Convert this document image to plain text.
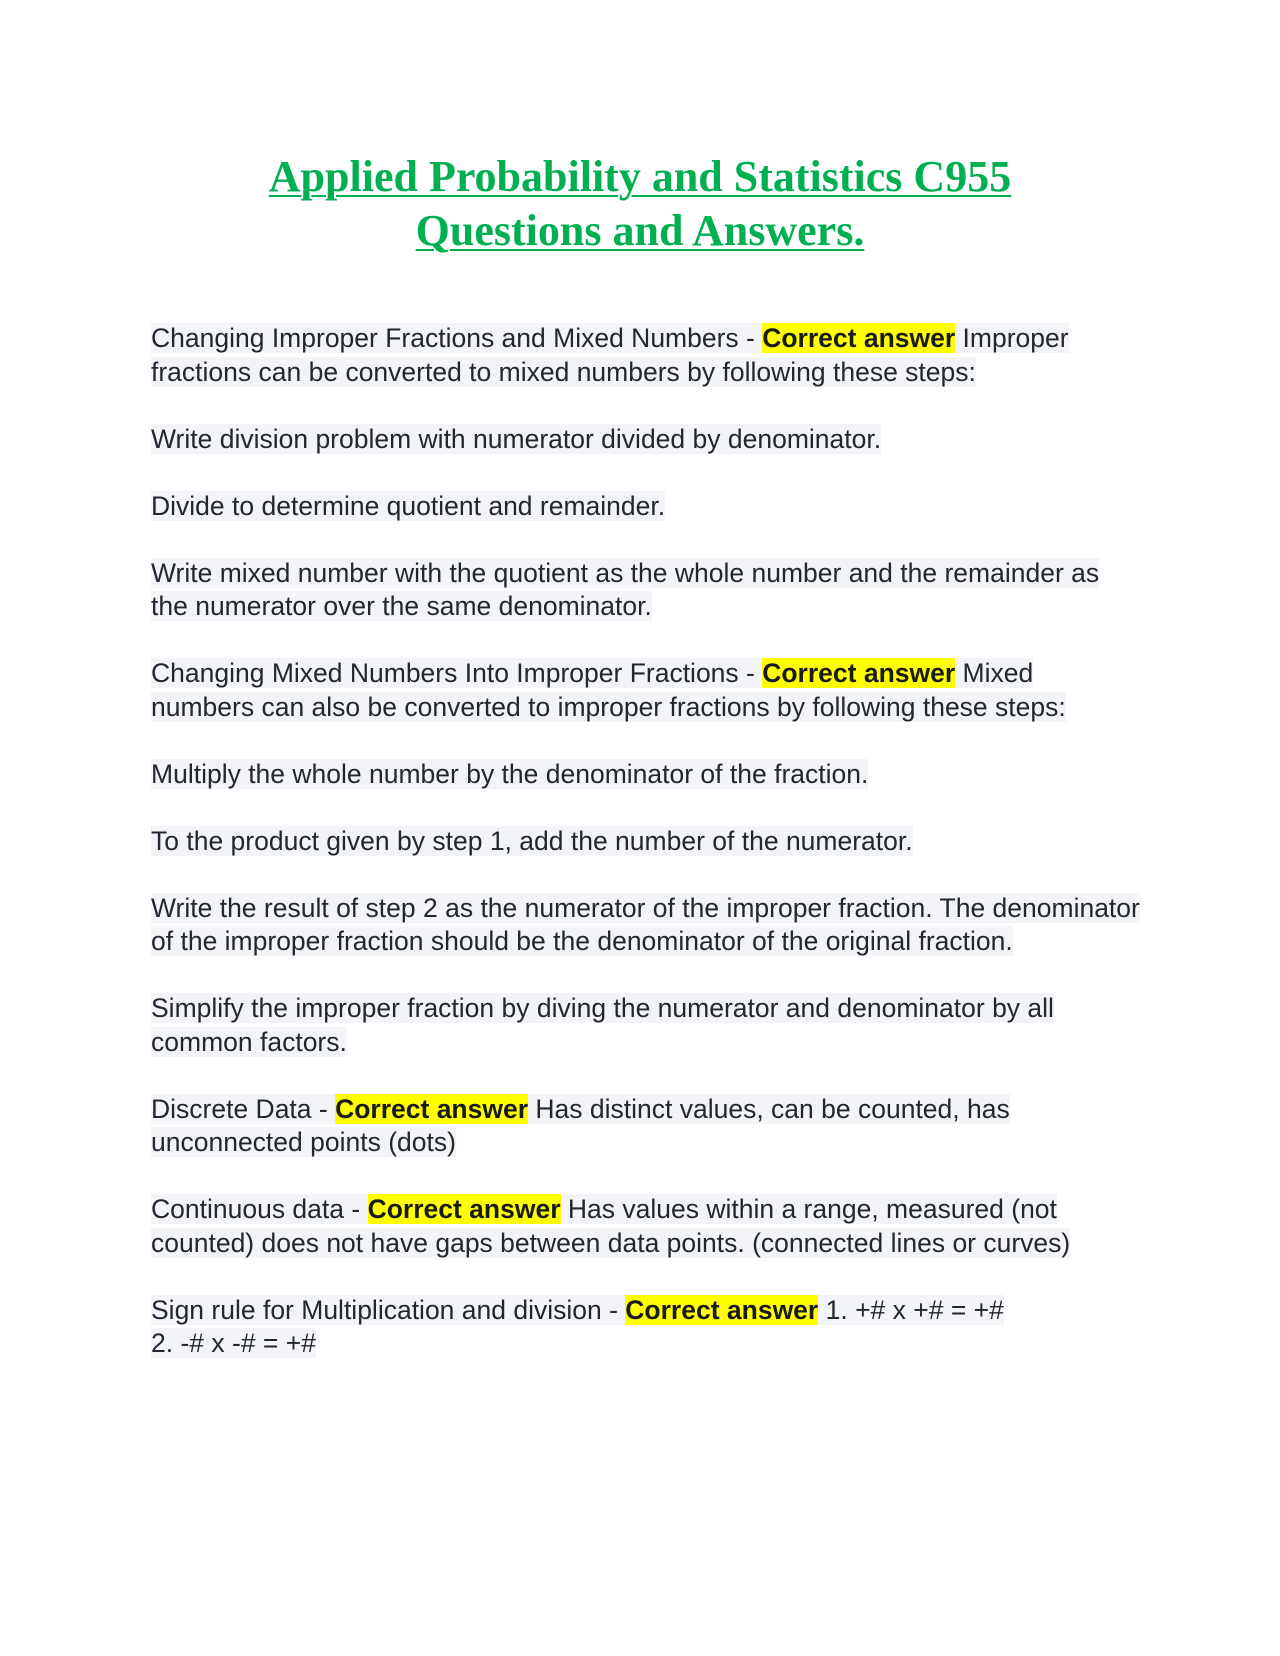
Applied Probability and Statistics C955
Questions and Answers.

Changing Improper Fractions and Mixed Numbers - Correct answer Improper fractions can be converted to mixed numbers by following these steps:

Write division problem with numerator divided by denominator.

Divide to determine quotient and remainder.

Write mixed number with the quotient as the whole number and the remainder as the numerator over the same denominator.

Changing Mixed Numbers Into Improper Fractions - Correct answer Mixed numbers can also be converted to improper fractions by following these steps:

Multiply the whole number by the denominator of the fraction.

To the product given by step 1, add the number of the numerator.

Write the result of step 2 as the numerator of the improper fraction. The denominator of the improper fraction should be the denominator of the original fraction.

Simplify the improper fraction by diving the numerator and denominator by all common factors.

Discrete Data - Correct answer Has distinct values, can be counted, has unconnected points (dots)

Continuous data - Correct answer Has values within a range, measured (not counted) does not have gaps between data points. (connected lines or curves)

Sign rule for Multiplication and division - Correct answer 1. +# x +# = +#
2. -# x -# = +#
